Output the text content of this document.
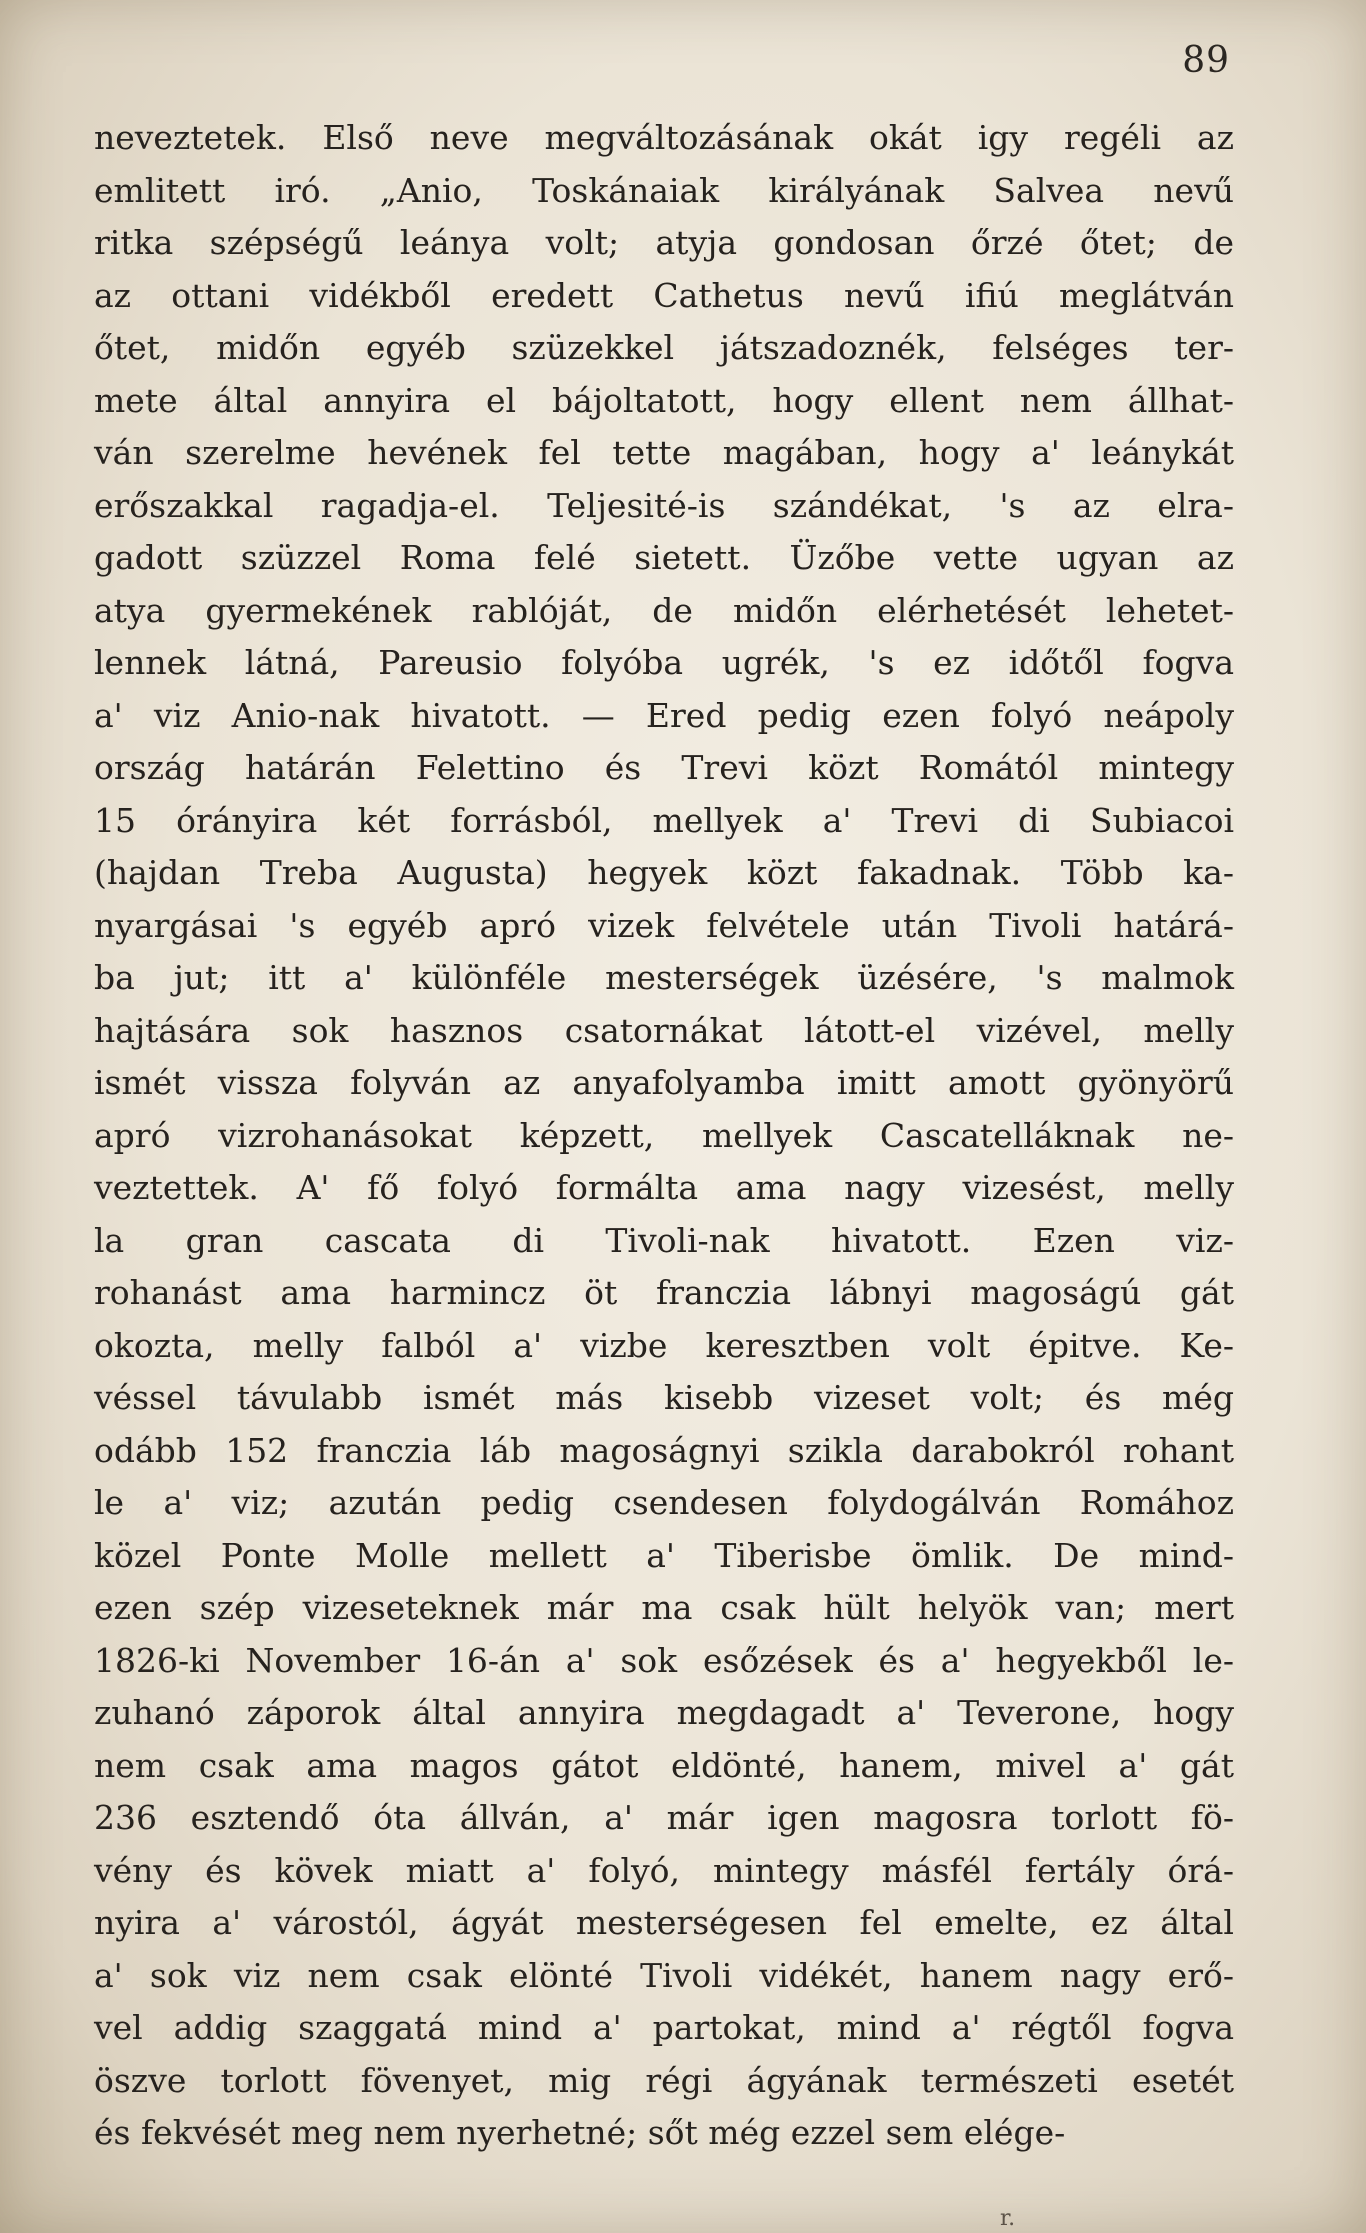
89
neveztetek. Első neve megváltozásának okát igy regéli az
emlitett iró. „Anio, Toskánaiak királyának Salvea nevű
ritka szépségű leánya volt; atyja gondosan őrzé őtet; de
az ottani vidékből eredett Cathetus nevű ifiú meglátván
őtet, midőn egyéb szüzekkel játszadoznék, felséges ter-
mete által annyira el bájoltatott, hogy ellent nem állhat-
ván szerelme hevének fel tette magában, hogy a' leánykát
erőszakkal ragadja-el. Teljesité-is szándékat, 's az elra-
gadott szüzzel Roma felé sietett. Üzőbe vette ugyan az
atya gyermekének rablóját, de midőn elérhetését lehetet-
lennek látná, Pareusio folyóba ugrék, 's ez időtől fogva
a' viz Anio-nak hivatott. — Ered pedig ezen folyó neápoly
ország határán Felettino és Trevi közt Romától mintegy
15 órányira két forrásból, mellyek a' Trevi di Subiacoi
(hajdan Treba Augusta) hegyek közt fakadnak. Több ka-
nyargásai 's egyéb apró vizek felvétele után Tivoli határá-
ba jut; itt a' különféle mesterségek üzésére, 's malmok
hajtására sok hasznos csatornákat látott-el vizével, melly
ismét vissza folyván az anyafolyamba imitt amott gyönyörű
apró vizrohanásokat képzett, mellyek Cascatelláknak ne-
veztettek. A' fő folyó formálta ama nagy vizesést, melly
la gran cascata di Tivoli-nak hivatott. Ezen viz-
rohanást ama harmincz öt franczia lábnyi magoságú gát
okozta, melly falból a' vizbe keresztben volt épitve. Ke-
véssel távulabb ismét más kisebb vizeset volt; és még
odább 152 franczia láb magoságnyi szikla darabokról rohant
le a' viz; azután pedig csendesen folydogálván Romához
közel Ponte Molle mellett a' Tiberisbe ömlik. De mind-
ezen szép vizeseteknek már ma csak hült helyök van; mert
1826-ki November 16-án a' sok esőzések és a' hegyekből le-
zuhanó záporok által annyira megdagadt a' Teverone, hogy
nem csak ama magos gátot eldönté, hanem, mivel a' gát
236 esztendő óta állván, a' már igen magosra torlott fö-
vény és kövek miatt a' folyó, mintegy másfél fertály órá-
nyira a' várostól, ágyát mesterségesen fel emelte, ez által
a' sok viz nem csak elönté Tivoli vidékét, hanem nagy erő-
vel addig szaggatá mind a' partokat, mind a' régtől fogva
öszve torlott fövenyet, mig régi ágyának természeti esetét
és fekvését meg nem nyerhetné; sőt még ezzel sem elége-
r.
